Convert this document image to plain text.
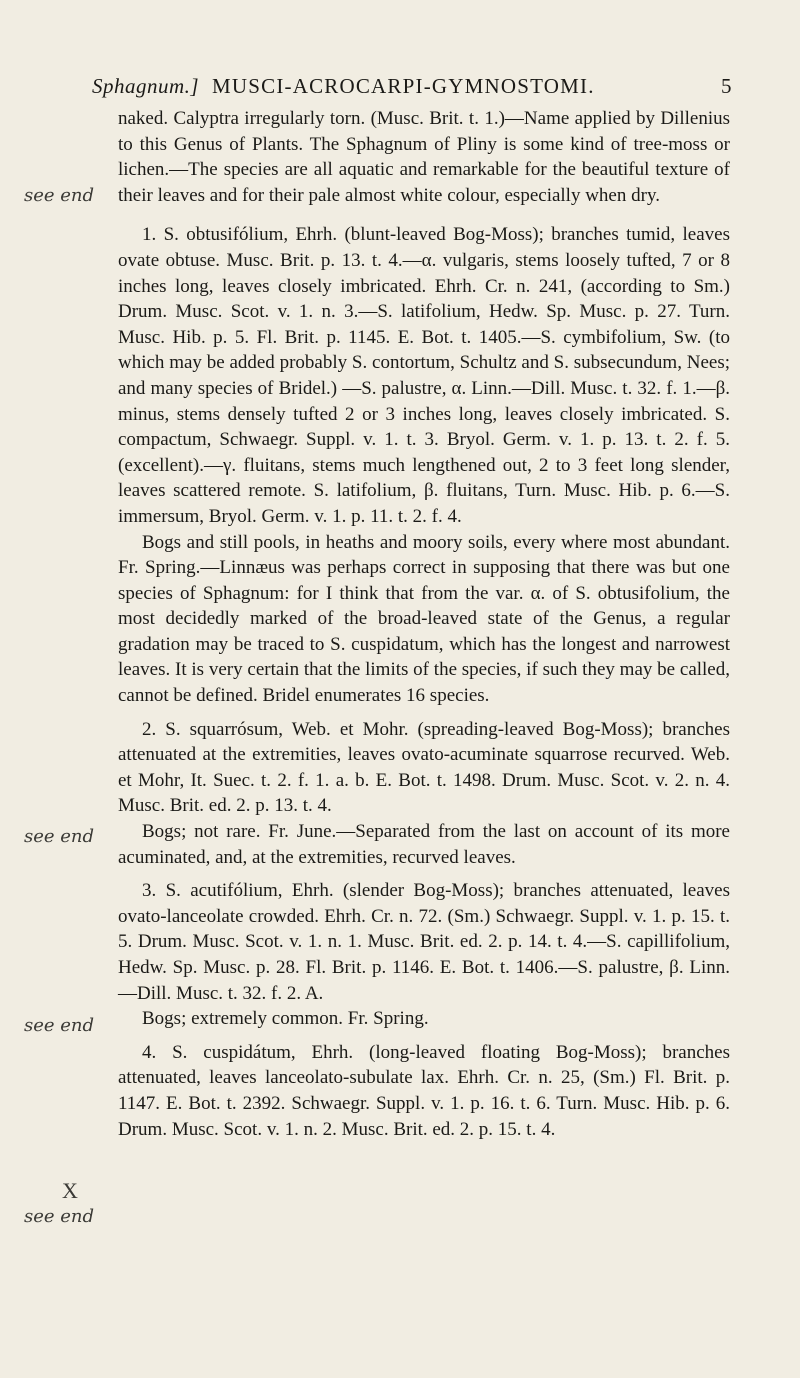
Sphagnum.] MUSCI-ACROCARPI-GYMNOSTOMI.	5
see end
see end
see end
X
see end

naked. Calyptra irregularly torn. (Musc. Brit. t. 1.)—Name applied by Dillenius to this Genus of Plants. The Sphagnum of Pliny is some kind of tree-moss or lichen.—The species are all aquatic and remarkable for the beautiful texture of their leaves and for their pale almost white colour, especially when dry.

1. S. obtusifólium, Ehrh. (blunt-leaved Bog-Moss); branches tumid, leaves ovate obtuse. Musc. Brit. p. 13. t. 4.—α. vulgaris, stems loosely tufted, 7 or 8 inches long, leaves closely imbricated. Ehrh. Cr. n. 241, (according to Sm.) Drum. Musc. Scot. v. 1. n. 3.—S. latifolium, Hedw. Sp. Musc. p. 27. Turn. Musc. Hib. p. 5. Fl. Brit. p. 1145. E. Bot. t. 1405.—S. cymbifolium, Sw. (to which may be added probably S. contortum, Schultz and S. subsecundum, Nees; and many species of Bridel.) —S. palustre, α. Linn.—Dill. Musc. t. 32. f. 1.—β. minus, stems densely tufted 2 or 3 inches long, leaves closely imbricated. S. compactum, Schwaegr. Suppl. v. 1. t. 3. Bryol. Germ. v. 1. p. 13. t. 2. f. 5. (excellent).—γ. fluitans, stems much lengthened out, 2 to 3 feet long slender, leaves scattered remote. S. latifolium, β. fluitans, Turn. Musc. Hib. p. 6.—S. immersum, Bryol. Germ. v. 1. p. 11. t. 2. f. 4.

Bogs and still pools, in heaths and moory soils, every where most abundant. Fr. Spring.—Linnæus was perhaps correct in supposing that there was but one species of Sphagnum: for I think that from the var. α. of S. obtusifolium, the most decidedly marked of the broad-leaved state of the Genus, a regular gradation may be traced to S. cuspidatum, which has the longest and narrowest leaves. It is very certain that the limits of the species, if such they may be called, cannot be defined. Bridel enumerates 16 species.

2. S. squarrósum, Web. et Mohr. (spreading-leaved Bog-Moss); branches attenuated at the extremities, leaves ovato-acuminate squarrose recurved. Web. et Mohr, It. Suec. t. 2. f. 1. a. b. E. Bot. t. 1498. Drum. Musc. Scot. v. 2. n. 4. Musc. Brit. ed. 2. p. 13. t. 4.

Bogs; not rare. Fr. June.—Separated from the last on account of its more acuminated, and, at the extremities, recurved leaves.

3. S. acutifólium, Ehrh. (slender Bog-Moss); branches attenuated, leaves ovato-lanceolate crowded. Ehrh. Cr. n. 72. (Sm.) Schwaegr. Suppl. v. 1. p. 15. t. 5. Drum. Musc. Scot. v. 1. n. 1. Musc. Brit. ed. 2. p. 14. t. 4.—S. capillifolium, Hedw. Sp. Musc. p. 28. Fl. Brit. p. 1146. E. Bot. t. 1406.—S. palustre, β. Linn.—Dill. Musc. t. 32. f. 2. A.

Bogs; extremely common. Fr. Spring.

4. S. cuspidátum, Ehrh. (long-leaved floating Bog-Moss); branches attenuated, leaves lanceolato-subulate lax. Ehrh. Cr. n. 25, (Sm.) Fl. Brit. p. 1147. E. Bot. t. 2392. Schwaegr. Suppl. v. 1. p. 16. t. 6. Turn. Musc. Hib. p. 6. Drum. Musc. Scot. v. 1. n. 2. Musc. Brit. ed. 2. p. 15. t. 4.
